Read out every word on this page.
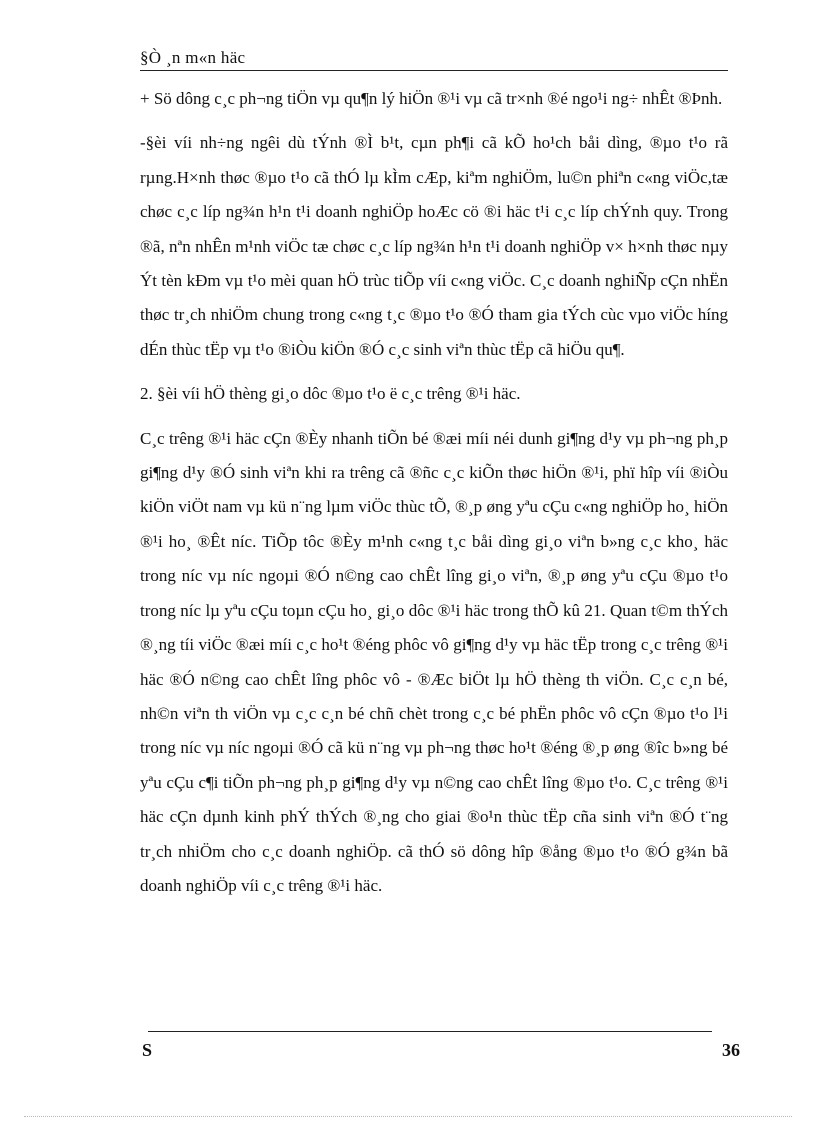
§Ò ¸n m«n häc

+ Sö dông c¸c ph¬ng tiÖn vµ qu¶n lý hiÖn ®¹i vµ cã tr×nh ®é ngo¹i ng÷ nhÊt ®Þnh.

-§èi víi nh÷ng ngêi dù tÝnh ®Ì b¹t, cµn ph¶i cã kÕ ho¹ch båi dìng, ®µo t¹o rã rµng.H×nh thøc ®µo t¹o cã thÓ lµ kÌm cÆp, kiªm nghiÖm, lu©n phiªn c«ng viÖc,tæ chøc c¸c líp ng¾n h¹n t¹i doanh nghiÖp hoÆc cö ®i häc t¹i c¸c líp chÝnh quy. Trong ®ã, nªn nhÊn m¹nh viÖc tæ chøc c¸c líp ng¾n h¹n t¹i doanh nghiÖp v× h×nh thøc nµy Ýt tèn kÐm vµ t¹o mèi quan hÖ trùc tiÕp víi c«ng viÖc. C¸c doanh nghiÑp cÇn nhËn thøc tr¸ch nhiÖm chung trong c«ng t¸c ®µo t¹o ®Ó tham gia tÝch cùc vµo viÖc híng dÉn thùc tËp vµ t¹o ®iÒu kiÖn ®Ó c¸c sinh viªn thùc tËp cã hiÖu qu¶.

2. §èi víi hÖ thèng gi¸o dôc ®µo t¹o ë c¸c trêng ®¹i häc.

C¸c trêng ®¹i häc cÇn ®Èy nhanh tiÕn bé ®æi míi néi dunh gi¶ng d¹y vµ ph¬ng ph¸p gi¶ng d¹y ®Ó sinh viªn khi ra trêng cã ®ñc c¸c kiÕn thøc hiÖn ®¹i, phï hîp víi ®iÒu kiÖn viÖt nam vµ kü n¨ng lµm viÖc thùc tÕ, ®¸p øng yªu cÇu c«ng nghiÖp ho¸ hiÖn ®¹i ho¸ ®Êt níc. TiÕp tôc ®Èy m¹nh c«ng t¸c båi dìng gi¸o viªn b»ng c¸c kho¸ häc trong níc vµ níc ngoµi ®Ó n©ng cao chÊt lîng gi¸o viªn, ®¸p øng yªu cÇu ®µo t¹o trong níc lµ yªu cÇu toµn cÇu ho¸ gi¸o dôc ®¹i häc trong thÕ kû 21. Quan t©m thÝch ®¸ng tíi viÖc ®æi míi c¸c ho¹t ®éng phôc vô gi¶ng d¹y vµ häc tËp trong c¸c trêng ®¹i häc ®Ó n©ng cao chÊt lîng phôc vô - ®Æc biÖt lµ hÖ thèng th viÖn. C¸c c¸n bé, nh©n viªn th viÖn vµ c¸c c¸n bé chñ chèt trong c¸c bé phËn phôc vô cÇn ®µo t¹o l¹i trong níc vµ níc ngoµi ®Ó cã kü n¨ng vµ ph¬ng thøc ho¹t ®éng ®¸p øng ®îc b»ng bé yªu cÇu c¶i tiÕn ph¬ng ph¸p gi¶ng d¹y vµ n©ng cao chÊt lîng ®µo t¹o. C¸c trêng ®¹i häc cÇn dµnh kinh phÝ thÝch ®¸ng cho giai ®o¹n thùc tËp cña sinh viªn ®Ó t¨ng tr¸ch nhiÖm cho c¸c doanh nghiÖp. cã thÓ sö dông hîp ®ång ®µo t¹o ®Ó g¾n bã doanh nghiÖp víi c¸c trêng ®¹i häc.

S	36
